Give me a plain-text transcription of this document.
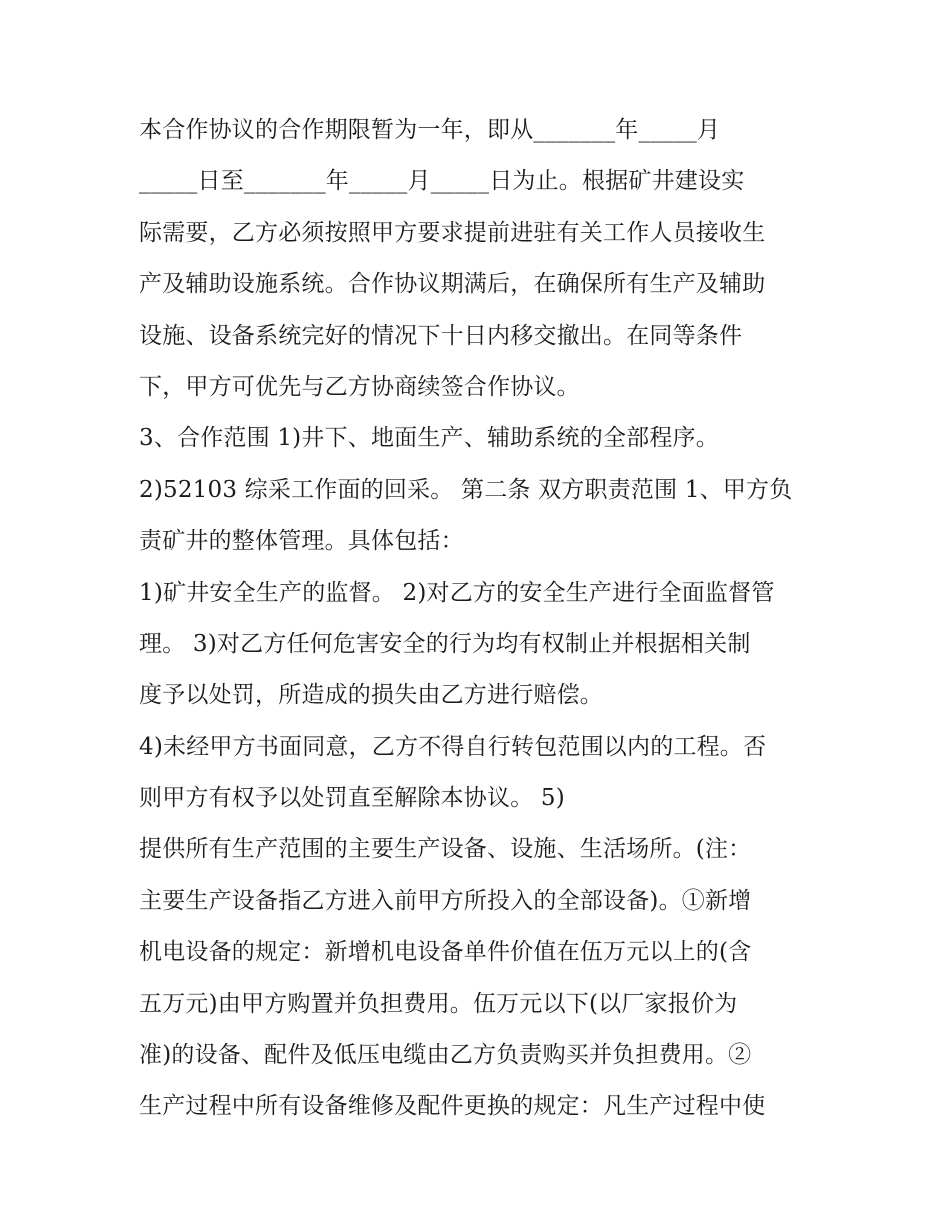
本合作协议的合作期限暂为一年，即从_______年_____月
_____日至_______年_____月_____日为止。根据矿井建设实
际需要，乙方必须按照甲方要求提前进驻有关工作人员接收生
产及辅助设施系统。合作协议期满后，在确保所有生产及辅助
设施、设备系统完好的情况下十日内移交撤出。在同等条件
下，甲方可优先与乙方协商续签合作协议。
3、合作范围 1)井下、地面生产、辅助系统的全部程序。
2)52103 综采工作面的回采。 第二条 双方职责范围 1、甲方负
责矿井的整体管理。具体包括：
1)矿井安全生产的监督。 2)对乙方的安全生产进行全面监督管
理。 3)对乙方任何危害安全的行为均有权制止并根据相关制
度予以处罚，所造成的损失由乙方进行赔偿。
4)未经甲方书面同意，乙方不得自行转包范围以内的工程。否
则甲方有权予以处罚直至解除本协议。 5)
提供所有生产范围的主要生产设备、设施、生活场所。(注：
主要生产设备指乙方进入前甲方所投入的全部设备)。①新增
机电设备的规定：新增机电设备单件价值在伍万元以上的(含
五万元)由甲方购置并负担费用。伍万元以下(以厂家报价为
准)的设备、配件及低压电缆由乙方负责购买并负担费用。②
生产过程中所有设备维修及配件更换的规定：凡生产过程中使
